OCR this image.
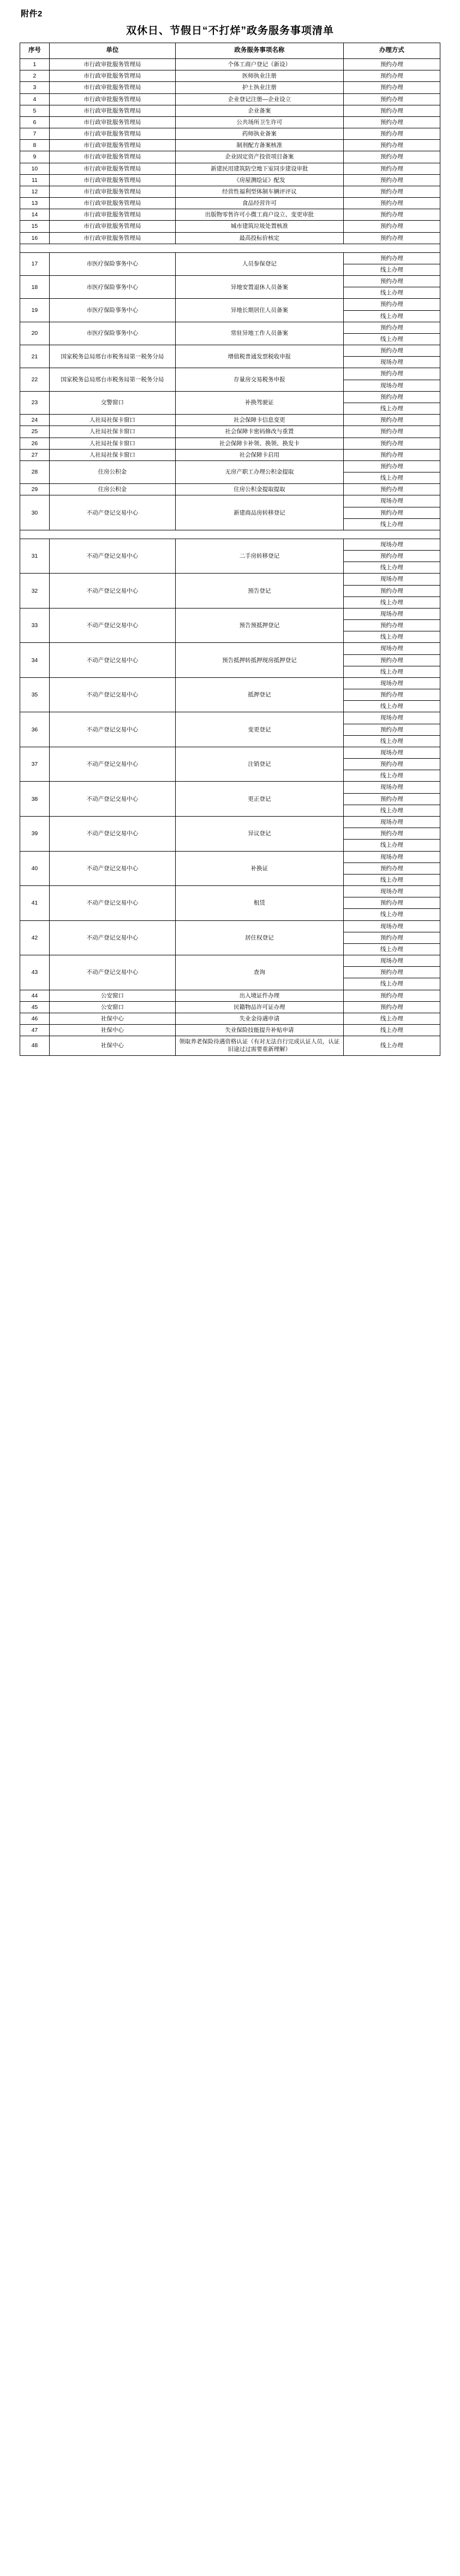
附件2
双休日、节假日“不打烊”政务服务事项清单
序号	单位	政务服务事项名称	办理方式
1	市行政审批服务管理局	个体工商户登记（新设）	预约办理

2	市行政审批服务管理局	医师执业注册	预约办理

3	市行政审批服务管理局	护士执业注册	预约办理

4	市行政审批服务管理局	企业登记注册—企业设立	预约办理

5	市行政审批服务管理局	企业备案	预约办理

6	市行政审批服务管理局	公共场所卫生许可	预约办理

7	市行政审批服务管理局	药师执业备案	预约办理

8	市行政审批服务管理局	制剂配方备案核准	预约办理

9	市行政审批服务管理局	企业固定资产投资项目备案	预约办理

10	市行政审批服务管理局	新建民用建筑防空地下室同步建设审批	预约办理

11	市行政审批服务管理局	《房屋测绘证》配发	预约办理

12	市行政审批服务管理局	经营性福利型体制车辆评评议	预约办理

13	市行政审批服务管理局	食品经营许可	预约办理

14	市行政审批服务管理局	出版物零售许可小微工商户设立、变更审批	预约办理

15	市行政审批服务管理局	城市建筑垃圾处置核准	预约办理

16	市行政审批服务管理局	最高投标价核定	预约办理

17	市医疗保险事务中心	人员参保登记	预约办理
线上办理

18	市医疗保险事务中心	异地安置退休人员备案	预约办理
线上办理

19	市医疗保险事务中心	异地长期居住人员备案	预约办理
线上办理

20	市医疗保险事务中心	常驻异地工作人员备案	预约办理
线上办理

21	国家税务总局邢台市税务局第一税务分局	增值税普通发票税收申报	预约办理
现场办理

22	国家税务总局邢台市税务局第一税务分局	存量房交易税务申报	预约办理
现场办理

23	交警窗口	补换驾驶证	预约办理
线上办理

24	人社局社保卡窗口	社会保障卡信息变更	预约办理

25	人社局社保卡窗口	社会保障卡密码修改与重置	预约办理

26	人社局社保卡窗口	社会保障卡补领、换领、换发卡	预约办理

27	人社局社保卡窗口	社会保障卡启用	预约办理

28	住房公积金	无房产职工办理公积金提取	预约办理
线上办理

29	住房公积金	住房公积金提取提取	预约办理

30	不动产登记交易中心	新建商品房转移登记	现场办理
预约办理
线上办理

31	不动产登记交易中心	二手房转移登记	现场办理
预约办理
线上办理

32	不动产登记交易中心	预告登记	现场办理
预约办理
线上办理

33	不动产登记交易中心	预告预抵押登记	现场办理
预约办理
线上办理

34	不动产登记交易中心	预告抵押转抵押现房抵押登记	现场办理
预约办理
线上办理

35	不动产登记交易中心	抵押登记	现场办理
预约办理
线上办理

36	不动产登记交易中心	变更登记	现场办理
预约办理
线上办理

37	不动产登记交易中心	注销登记	现场办理
预约办理
线上办理

38	不动产登记交易中心	更正登记	现场办理
预约办理
线上办理

39	不动产登记交易中心	异议登记	现场办理
预约办理
线上办理

40	不动产登记交易中心	补换证	现场办理
预约办理
线上办理

41	不动产登记交易中心	租赁	现场办理
预约办理
线上办理

42	不动产登记交易中心	居住权登记	现场办理
预约办理
线上办理

43	不动产登记交易中心	查询	现场办理
预约办理
线上办理

44	公安窗口	出入境证件办理	预约办理

45	公安窗口	民籍物品许可证办理	预约办理

46	社保中心	失业金待遇申请	线上办理

47	社保中心	失业保险技能提升补贴申请	线上办理

48	社保中心	领取养老保险待遇资格认证（有对无法自行完成认证人员，认证旧途过过需要重新理解）	线上办理
